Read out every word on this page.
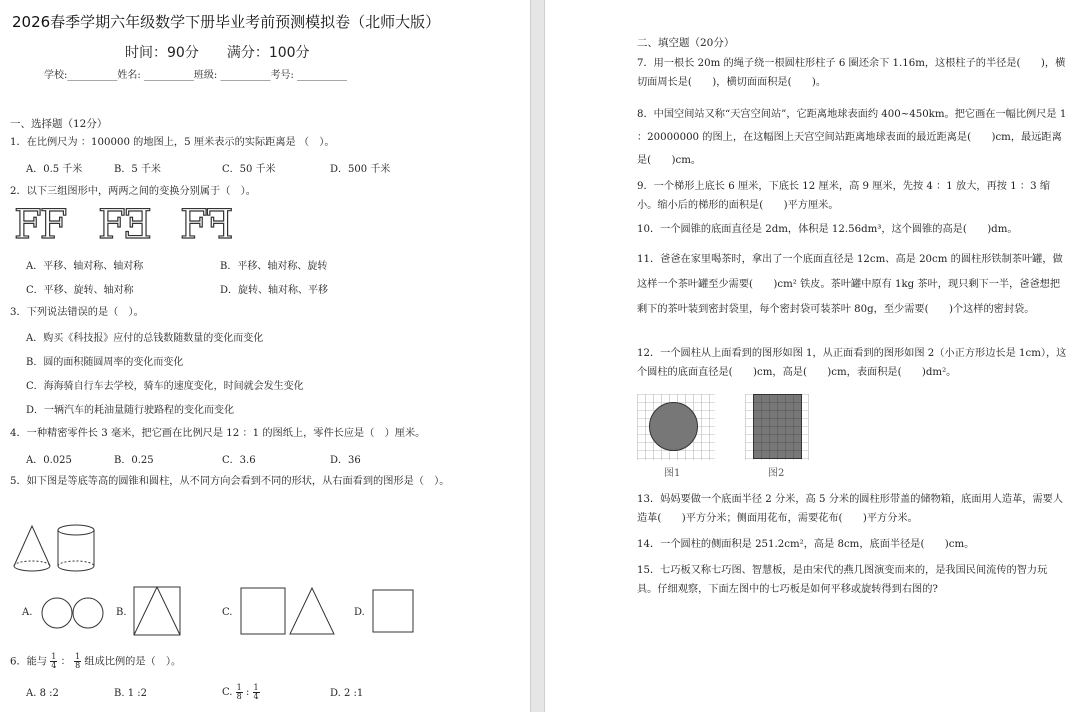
2026春季学期六年级数学下册毕业考前预测模拟卷（北师大版）
时间：90分　　满分：100分
学校:__________姓名: __________班级: __________考号: __________
一、选择题（12分）
1．在比例尺为 ：100000 的地图上，5 厘米表示的实际距离是 （　）。
A．0.5 千米	B．5 千米	C．50 千米	D．500 千米
2．以下三组图形中，两两之间的变换分别属于（　）。
FF FƎ Fꟻ
A．平移、轴对称、轴对称	B．平移、轴对称、旋转
C．平移、旋转、轴对称	D．旋转、轴对称、平移
3．下列说法错误的是（　）。
A．购买《科技报》应付的总钱数随数量的变化而变化
B．圆的面积随圆周率的变化而变化
C．海海骑自行车去学校，骑车的速度变化，时间就会发生变化
D．一辆汽车的耗油量随行驶路程的变化而变化
4．一种精密零件长 3 毫米，把它画在比例尺是 12 ：1 的图纸上，零件长应是（　）厘米。
A．0.025	B．0.25	C．3.6	D．36
5．如下图是等底等高的圆锥和圆柱，从不同方向会看到不同的形状，从右面看到的图形是（　）。
A.	B.	C.	D.
6．能与 $\frac{1}{4}$ ： $\frac{1}{8}$ 组成比例的是（　）。
A. 8 :2	B. 1 :2	C. $\frac{1}{8}$ : $\frac{1}{4}$	D. 2 :1
二、填空题（20分）
7．用一根长 20m 的绳子绕一根圆柱形柱子 6 圈还余下 1.16m，这根柱子的半径是(　　)，横切面周长是(　　)，横切面面积是(　　)。
8．中国空间站又称“天宫空间站”，它距离地球表面约 400~450km。把它画在一幅比例尺是 1 ：20000000 的图上，在这幅图上天宫空间站距离地球表面的最近距离是(　　)cm，最远距离是(　　)cm。
9．一个梯形上底长 6 厘米，下底长 12 厘米，高 9 厘米，先按 4 ：1 放大，再按 1 ：3 缩小。缩小后的梯形的面积是(　　)平方厘米。
10．一个圆锥的底面直径是 2dm，体积是 12.56dm³，这个圆锥的高是(　　)dm。
11．爸爸在家里喝茶时，拿出了一个底面直径是 12cm、高是 20cm 的圆柱形铁制茶叶罐，做这样一个茶叶罐至少需要(　　)cm² 铁皮。茶叶罐中原有 1kg 茶叶，现只剩下一半，爸爸想把剩下的茶叶装到密封袋里，每个密封袋可装茶叶 80g，至少需要(　　)个这样的密封袋。
12．一个圆柱从上面看到的图形如图 1，从正面看到的图形如图 2（小正方形边长是 1cm），这个圆柱的底面直径是(　　)cm，高是(　　)cm，表面积是(　　)dm²。
图1	图2
13．妈妈要做一个底面半径 2 分米，高 5 分米的圆柱形带盖的储物箱，底面用人造革，需要人造革(　　)平方分米；侧面用花布，需要花布(　　)平方分米。
14．一个圆柱的侧面积是 251.2cm²，高是 8cm，底面半径是(　　)cm。
15．七巧板又称七巧图、智慧板，是由宋代的燕几图演变而来的，是我国民间流传的智力玩具。仔细观察，下面左图中的七巧板是如何平移或旋转得到右图的?
